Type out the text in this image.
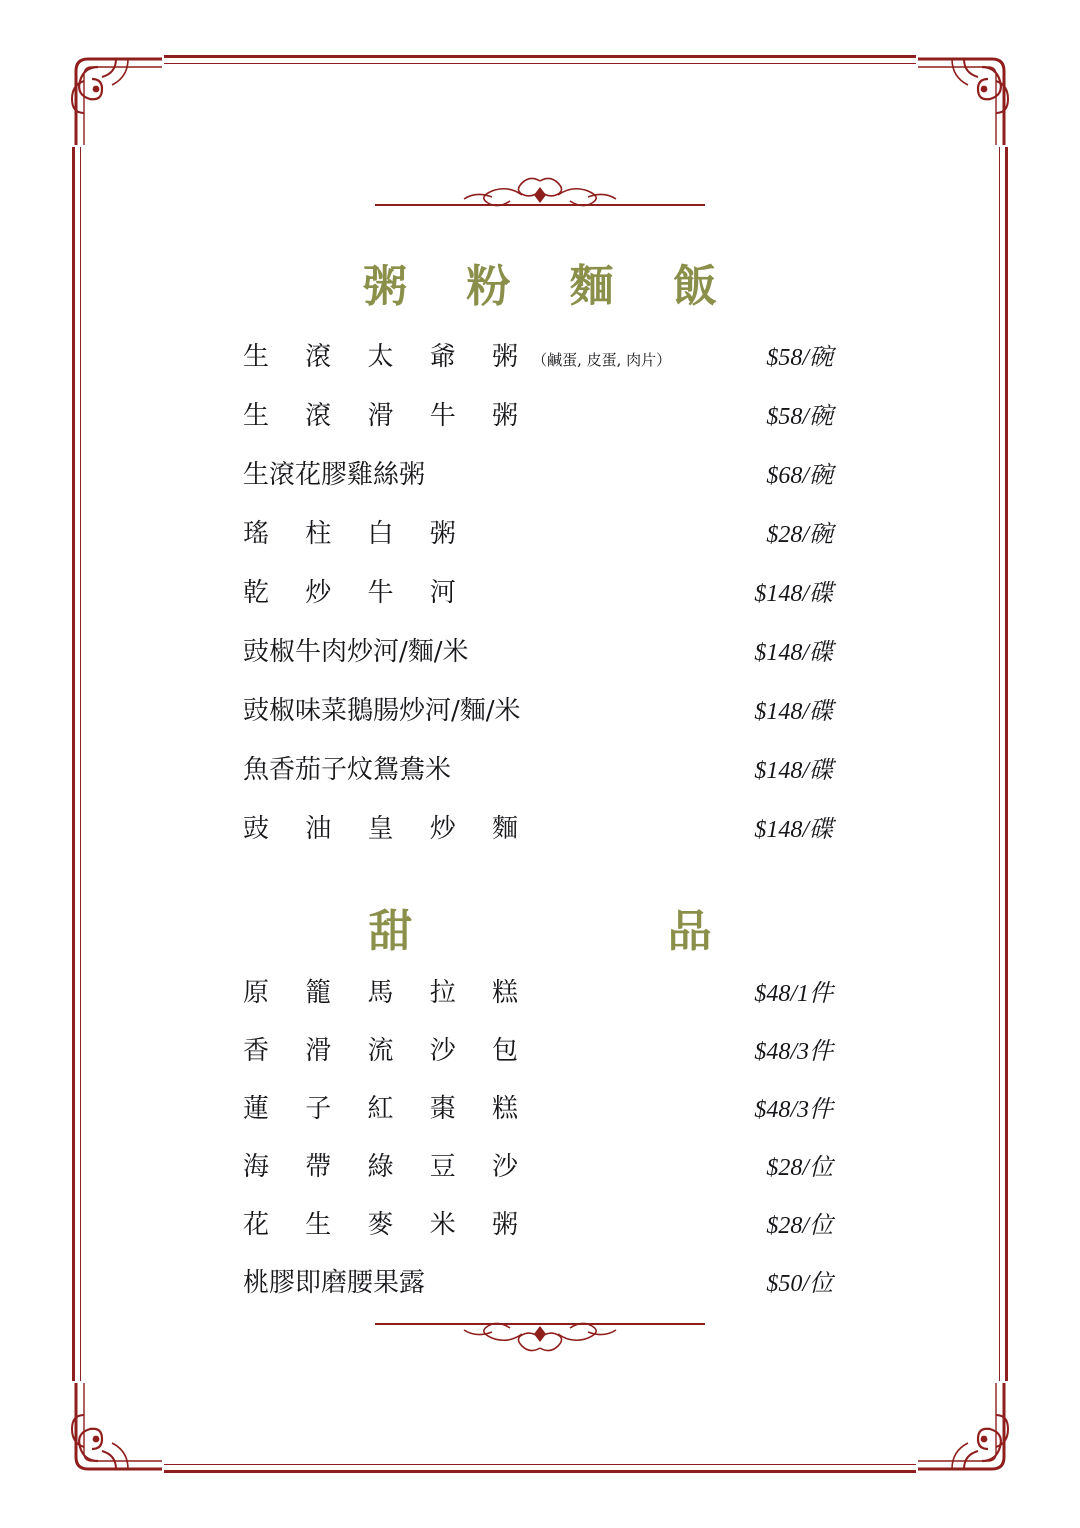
粥 粉 麵 飯
生 滾 太 爺 粥（鹹蛋, 皮蛋, 肉片）	$58/碗
生 滾 滑 牛 粥	$58/碗
生滾花膠雞絲粥	$68/碗
瑤 柱 白 粥	$28/碗
乾 炒 牛 河	$148/碟
豉椒牛肉炒河/麵/米	$148/碟
豉椒味菜鵝腸炒河/麵/米	$148/碟
魚香茄子炆鴛鴦米	$148/碟
豉 油 皇 炒 麵	$148/碟
甜 品
原 籠 馬 拉 糕	$48/1件
香 滑 流 沙 包	$48/3件
蓮 子 紅 棗 糕	$48/3件
海 帶 綠 豆 沙	$28/位
花 生 麥 米 粥	$28/位
桃膠即磨腰果露	$50/位
